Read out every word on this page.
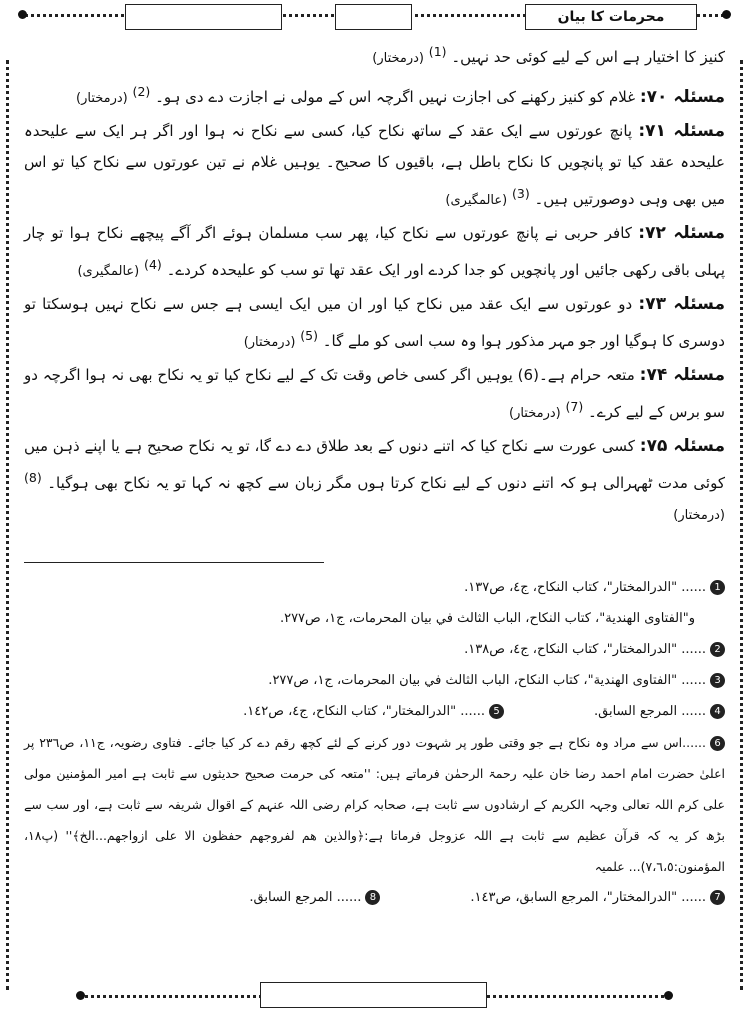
محرمات کا بیان

کنیز کا اختیار ہے اس کے لیے کوئی حد نہیں۔ $^{(1)}$ (درمختار)

مسئلہ ۷۰: غلام کو کنیز رکھنے کی اجازت نہیں اگرچہ اس کے مولی نے اجازت دے دی ہو۔ $^{(2)}$ (درمختار)

مسئلہ ۷۱: پانچ عورتوں سے ایک عقد کے ساتھ نکاح کیا، کسی سے نکاح نہ ہوا اور اگر ہر ایک سے علیحدہ علیحدہ عقد کیا تو پانچویں کا نکاح باطل ہے، باقیوں کا صحیح۔ یوہیں غلام نے تین عورتوں سے نکاح کیا تو اس میں بھی وہی دوصورتیں ہیں۔ $^{(3)}$ (عالمگیری)

مسئلہ ۷۲: کافر حربی نے پانچ عورتوں سے نکاح کیا، پھر سب مسلمان ہوئے اگر آگے پیچھے نکاح ہوا تو چار پہلی باقی رکھی جائیں اور پانچویں کو جدا کردے اور ایک عقد تھا تو سب کو علیحدہ کردے۔ $^{(4)}$ (عالمگیری)

مسئلہ ۷۳: دو عورتوں سے ایک عقد میں نکاح کیا اور ان میں ایک ایسی ہے جس سے نکاح نہیں ہوسکتا تو دوسری کا ہوگیا اور جو مہر مذکور ہوا وہ سب اسی کو ملے گا۔ $^{(5)}$ (درمختار)

مسئلہ ۷۴: متعہ حرام ہے۔(6) یوہیں اگر کسی خاص وقت تک کے لیے نکاح کیا تو یہ نکاح بھی نہ ہوا اگرچہ دو سو برس کے لیے کرے۔ $^{(7)}$ (درمختار)

مسئلہ ۷۵: کسی عورت سے نکاح کیا کہ اتنے دنوں کے بعد طلاق دے دے گا، تو یہ نکاح صحیح ہے یا اپنے ذہن میں کوئی مدت ٹھہرالی ہو کہ اتنے دنوں کے لیے نکاح کرتا ہوں مگر زبان سے کچھ نہ کہا تو یہ نکاح بھی ہوگیا۔ $^{(8)}$ (درمختار)

1...... "الدرالمختار"، كتاب النكاح، ج٤، ص١٣٧.

و"الفتاوى الهندية"، كتاب النكاح، الباب الثالث في بيان المحرمات، ج١، ص٢٧٧.

2...... "الدرالمختار"، كتاب النكاح، ج٤، ص١٣٨.

3...... "الفتاوى الهندية"، كتاب النكاح، الباب الثالث في بيان المحرمات، ج١، ص٢٧٧.

4...... المرجع السابق.
5...... "الدرالمختار"، كتاب النكاح، ج٤، ص١٤٢.

6......اس سے مراد وہ نکاح ہے جو وقتی طور پر شہوت دور کرنے کے لئے کچھ رقم دے کر کیا جائے۔ فتاوی رضویہ، ج١١، ص٢٣٦ پر اعلیٰ حضرت امام احمد رضا خان علیہ رحمۃ الرحمٰن فرماتے ہیں: ''متعہ کی حرمت صحیح حدیثوں سے ثابت ہے امیر المؤمنین مولی علی کرم اللہ تعالی وجہہ الکریم کے ارشادوں سے ثابت ہے، صحابہ کرام رضی اللہ عنہم کے اقوال شریفہ سے ثابت ہے، اور سب سے بڑھ کر یہ کہ قرآن عظیم سے ثابت ہے اللہ عزوجل فرماتا ہے:﴿والذين هم لفروجهم حفظون الا على ازواجهم...الخ﴾'' (پ١٨، المؤمنون:٧،٦،٥)... علمیہ

7...... "الدرالمختار"، المرجع السابق، ص١٤٣.
8...... المرجع السابق.
